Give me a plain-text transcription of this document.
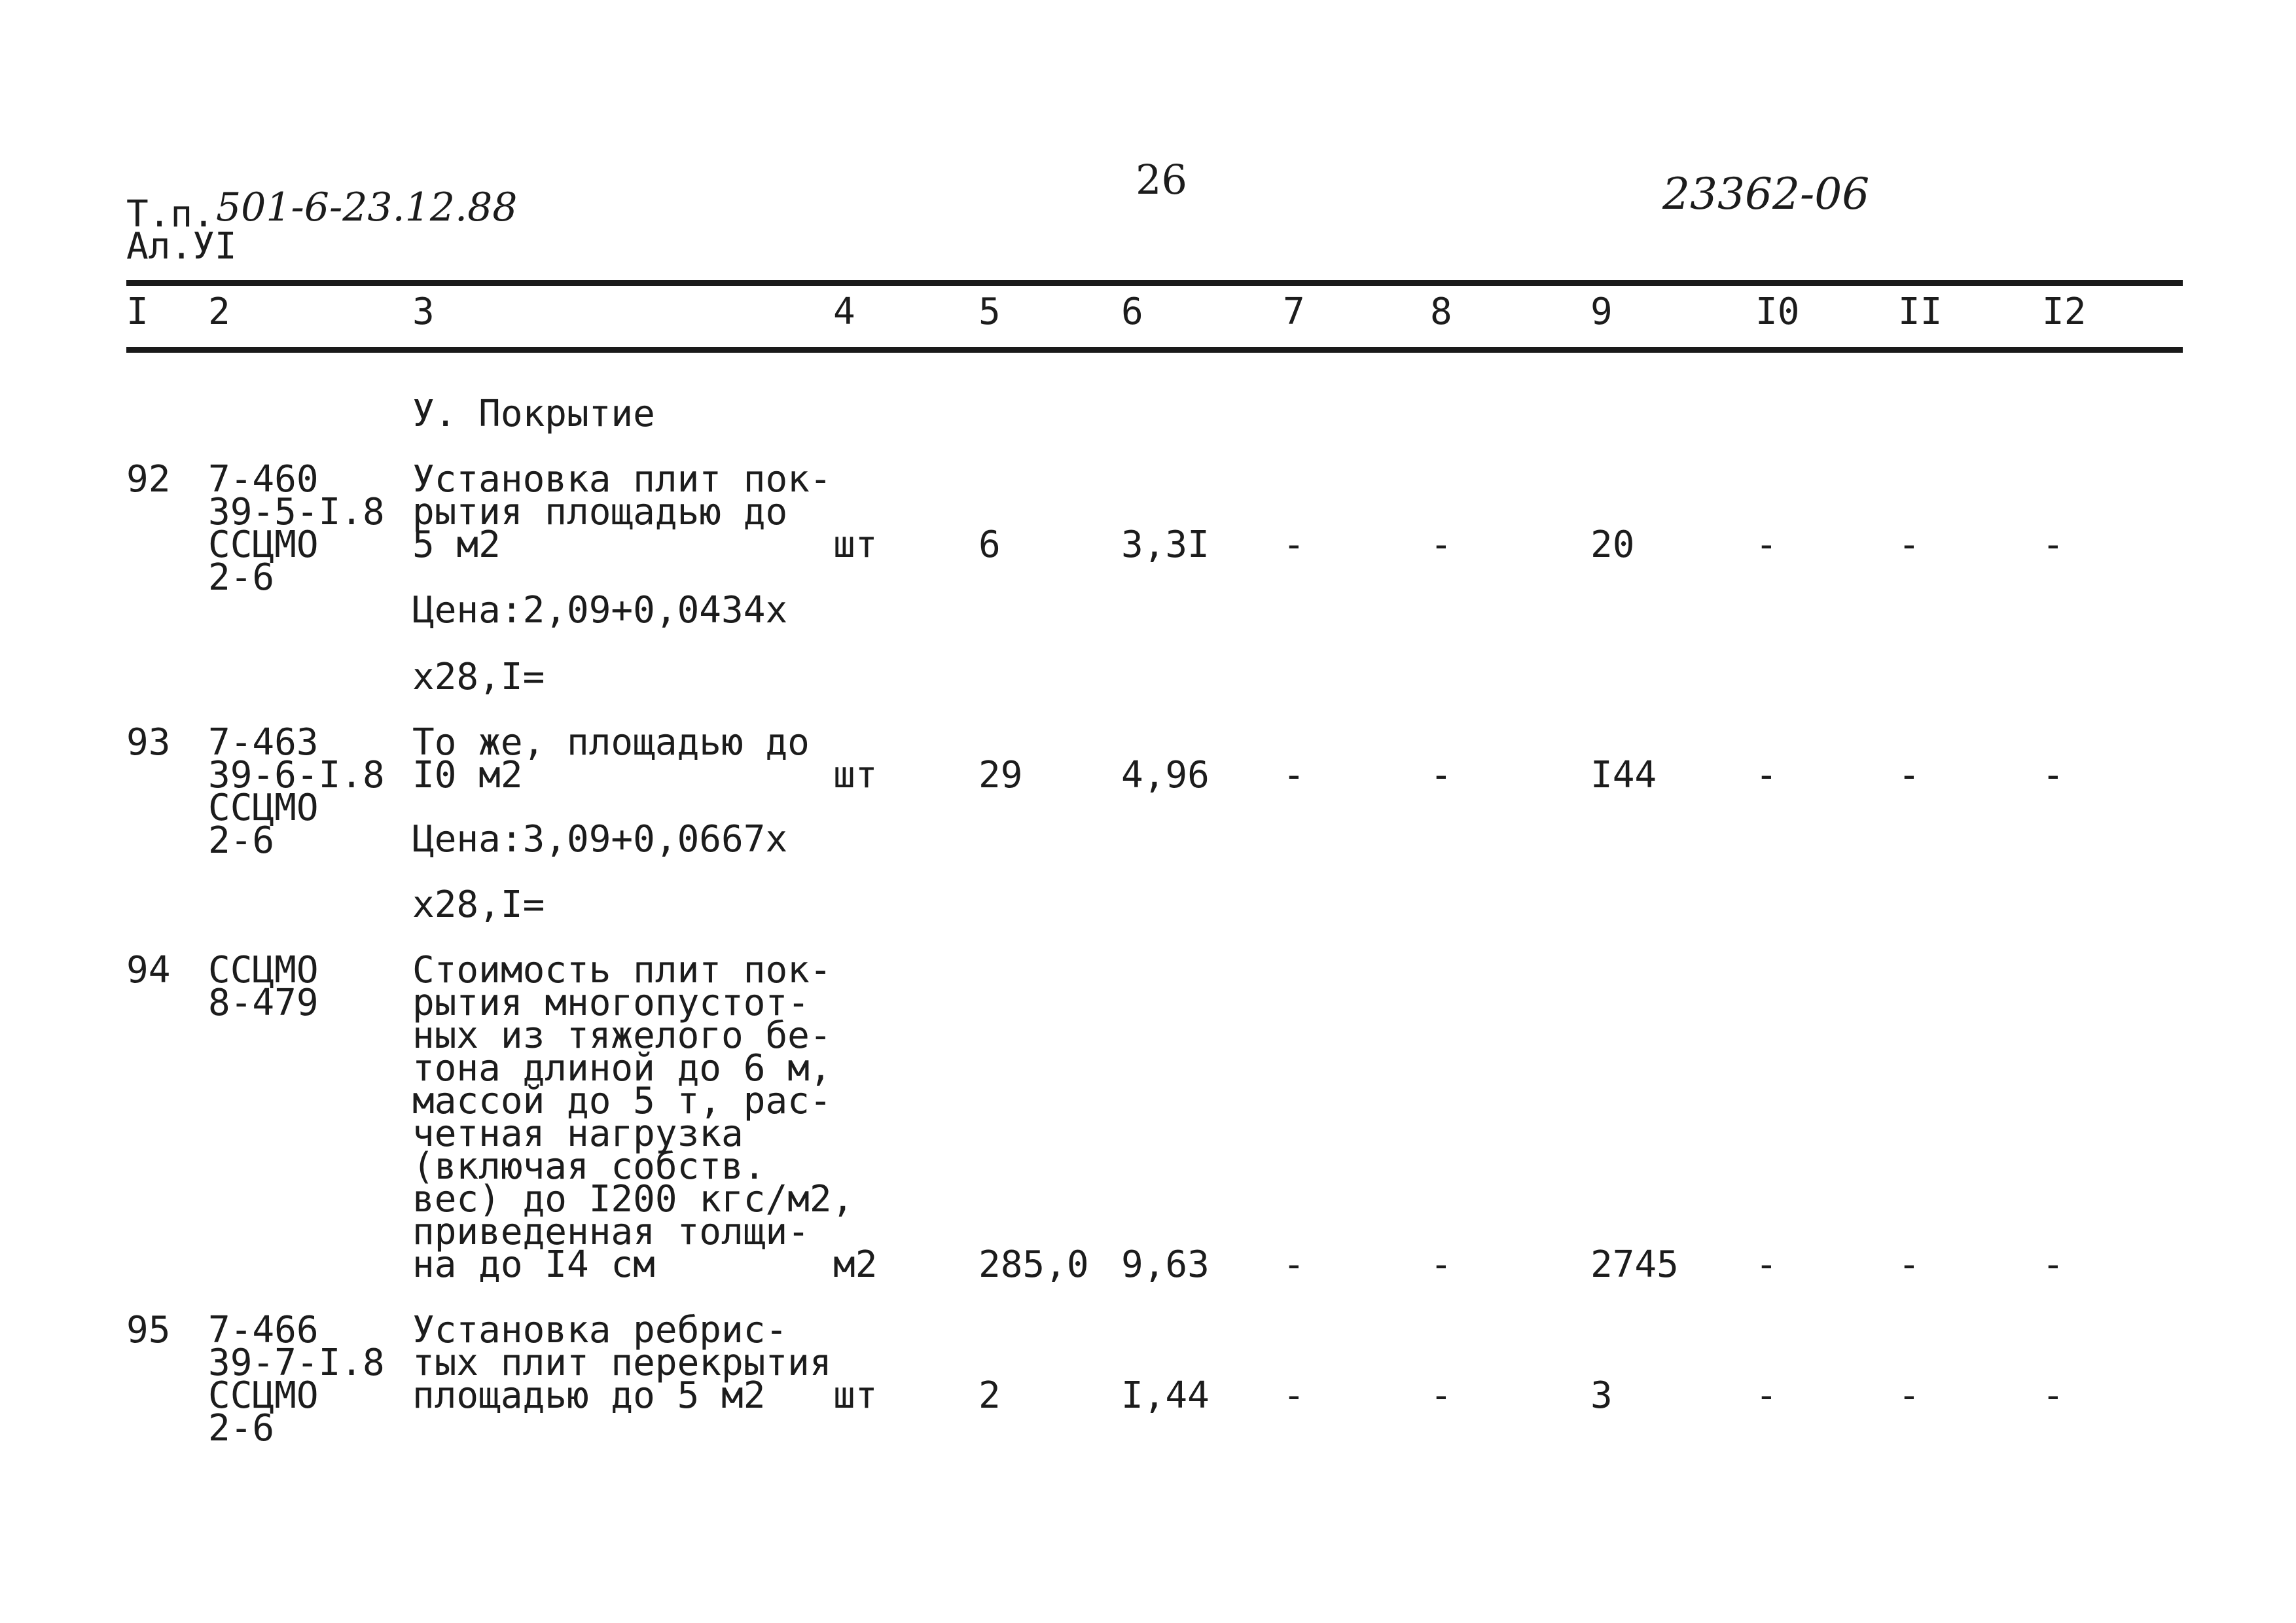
Т.п. 501-6-23.12.88
Ал.УI
26	23362-06
I 2	3	4	5	6	7	8	9	I0	II	I2
У. Покрытие
92 7-460
39-5-I.8
ССЦМО
2-6
Установка плит пок-
рытия площадью до
5 м2	шт	6	3,3I -	-	20	-	-	-
Цена:2,09+0,0434х
х28,I=
93 7-463
39-6-I.8
ССЦМО
2-6
То же, площадью до
I0 м2	шт	29	4,96 -	-	I44	-	-	-
Цена:3,09+0,0667х
х28,I=
94 ССЦМО
8-479
Стоимость плит пок-
рытия многопустот-
ных из тяжелого бе-
тона длиной до 6 м,
массой до 5 т, рас-
четная нагрузка
(включая собств.
вес) до I200 кгс/м2,
приведенная толщи-
на до I4 см	м2	285,0 9,63 -	-	2745 -	-	-
95 7-466
39-7-I.8
ССЦМО
2-6
Установка ребрис-
тых плит перекрытия
площадью до 5 м2	шт	2	I,44 -	-	3	-	-	-
